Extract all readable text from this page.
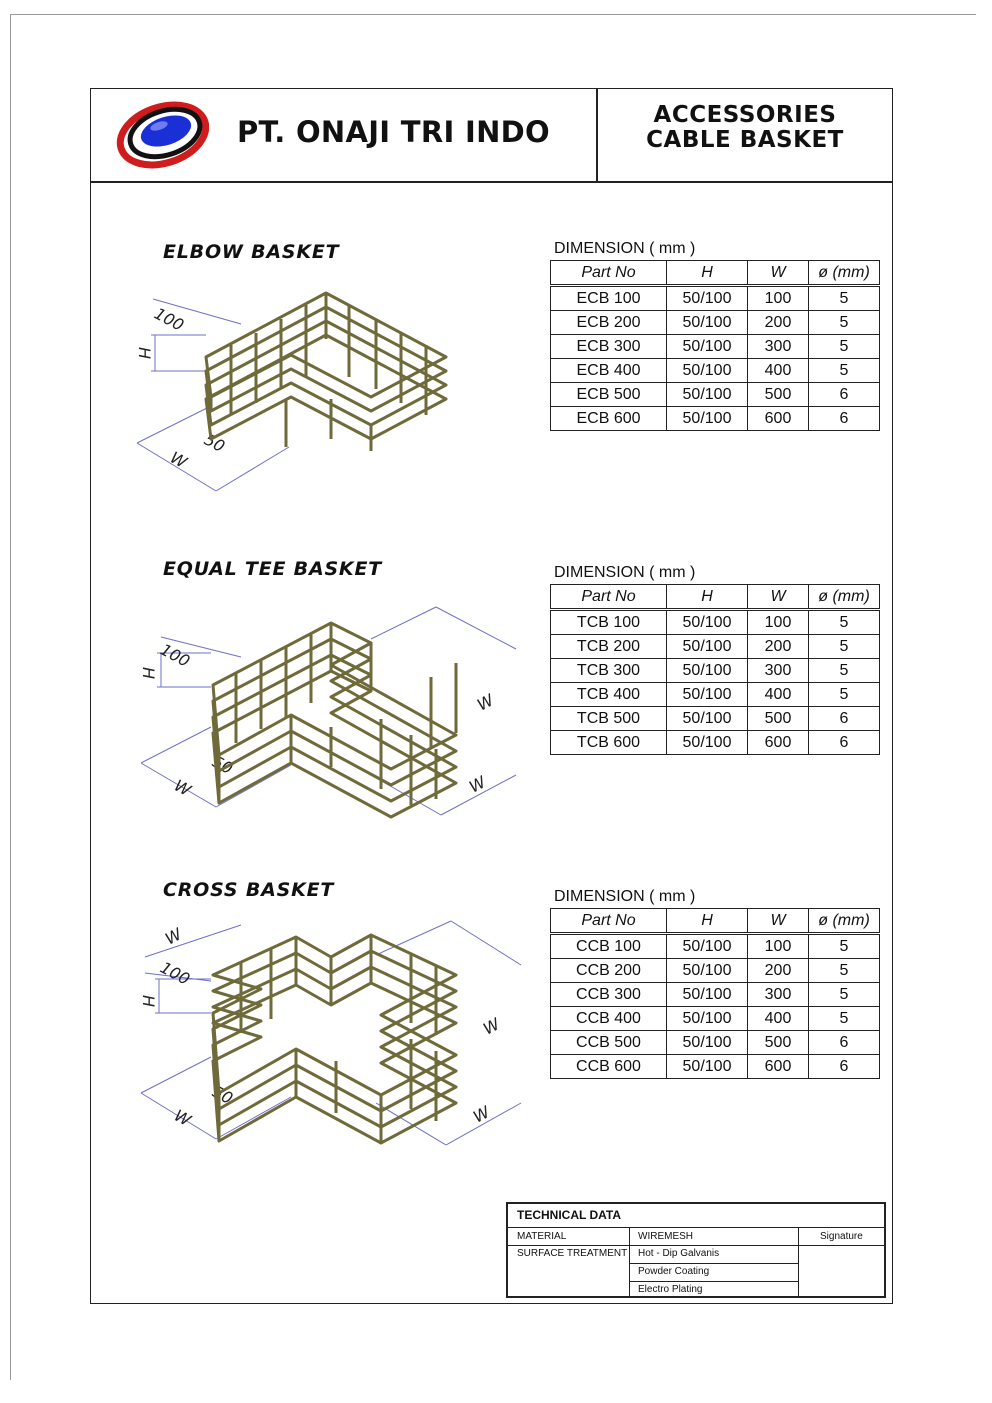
PT. ONAJI TRI INDO	ACCESSORIES
CABLE BASKET
ELBOW BASKET
100
H
50
W
DIMENSION ( mm )
Part No	H	W	ø (mm)
ECB 100	50/100	100	5
ECB 200	50/100	200	5
ECB 300	50/100	300	5
ECB 400	50/100	400	5
ECB 500	50/100	500	6
ECB 600	50/100	600	6
EQUAL TEE BASKET
100
H
50
W
W
W
DIMENSION ( mm )
Part No	H	W	ø (mm)
TCB 100	50/100	100	5
TCB 200	50/100	200	5
TCB 300	50/100	300	5
TCB 400	50/100	400	5
TCB 500	50/100	500	6
TCB 600	50/100	600	6
CROSS BASKET
W
100
H
50
W
W
W
DIMENSION ( mm )
Part No	H	W	ø (mm)
CCB 100	50/100	100	5
CCB 200	50/100	200	5
CCB 300	50/100	300	5
CCB 400	50/100	400	5
CCB 500	50/100	500	6
CCB 600	50/100	600	6
TECHNICAL DATA
MATERIAL	WIREMESH	Signature
SURFACE TREATMENT Hot - Dip Galvanis
Powder Coating
Electro Plating
